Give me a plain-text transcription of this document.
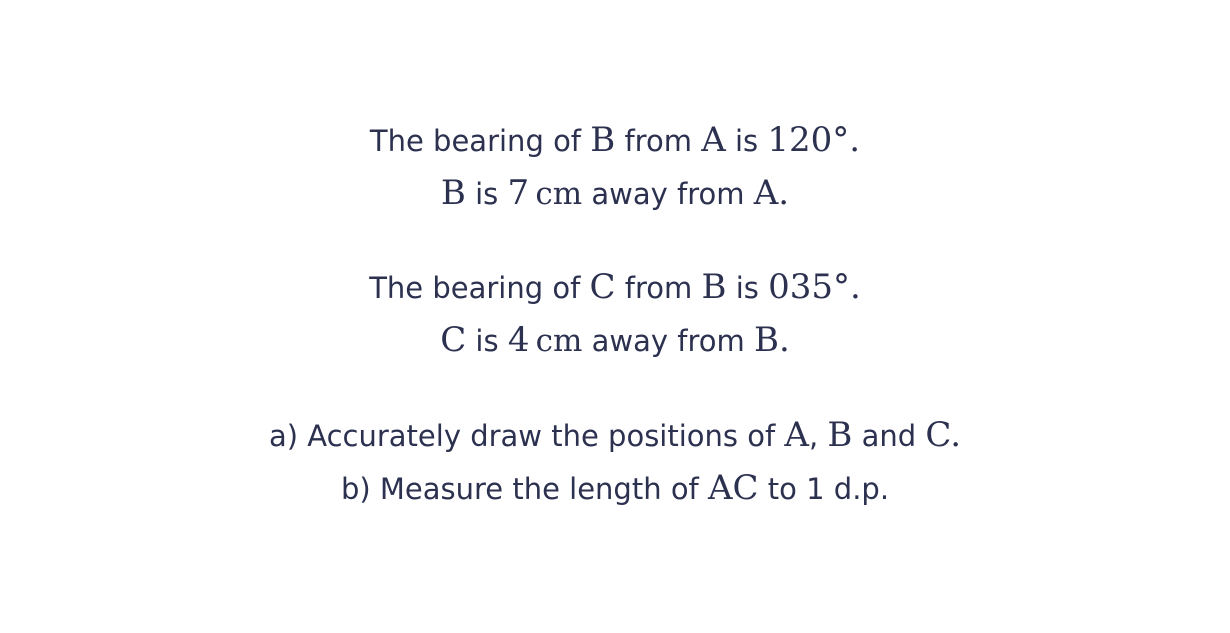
The bearing of B from A is 120°.
B is 7  cm away from A.
The bearing of C from B is 035°.
C is 4  cm away from B.
a) Accurately draw the positions of A, B and C.
b) Measure the length of AC to 1 d.p.
